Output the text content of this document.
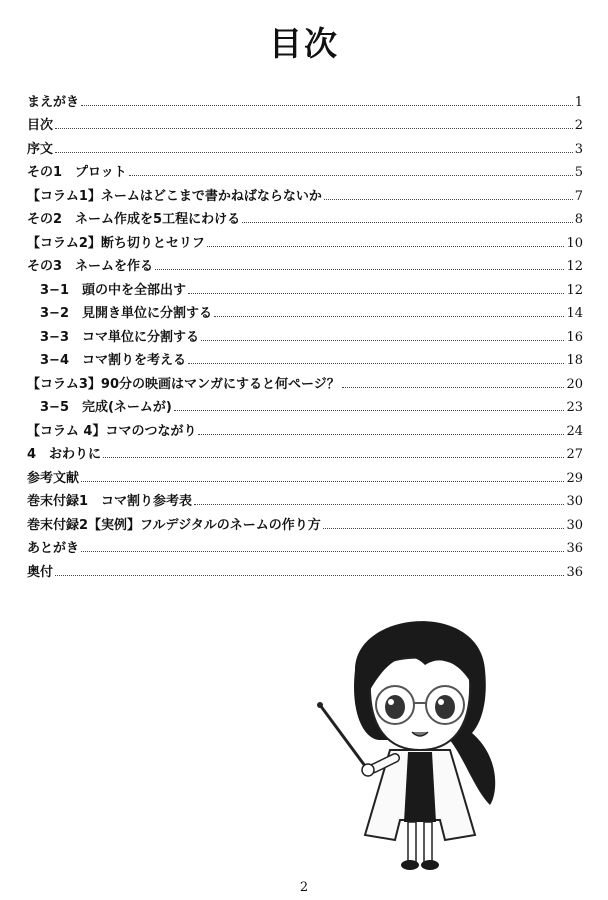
目次
まえがき	1
目次	2
序文	3
その1　プロット	5
【コラム1】ネームはどこまで書かねばならないか	7
その2　ネーム作成を5工程にわける	8
【コラム2】断ち切りとセリフ	10
その3　ネームを作る	12
3−1　頭の中を全部出す	12
3−2　見開き単位に分割する	14
3−3　コマ単位に分割する	16
3−4　コマ割りを考える	18
【コラム3】90分の映画はマンガにすると何ページ？	20
3−5　完成(ネームが)	23
【コラム 4】コマのつながり	24
4　おわりに	27
参考文献	29
巻末付録1　コマ割り参考表	30
巻末付録2【実例】フルデジタルのネームの作り方	30
あとがき	36
奥付	36
2
